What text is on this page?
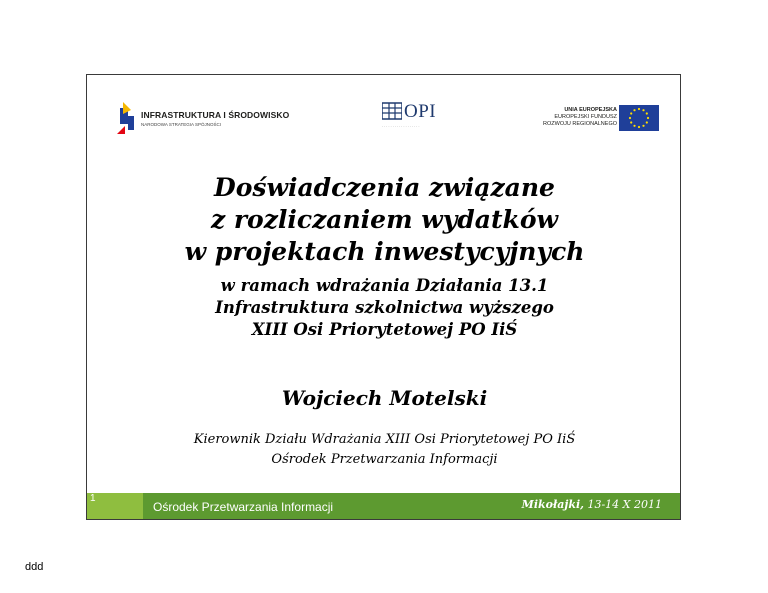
INFRASTRUKTURA I ŚRODOWISKO
NARODOWA STRATEGIA SPÓJNOŚCI
OPI
· · · · · · · · · · · · · · · · · ·
UNIA EUROPEJSKA
EUROPEJSKI FUNDUSZ
ROZWOJU REGIONALNEGO
Doświadczenia związane
z rozliczaniem wydatków
w projektach inwestycyjnych
w ramach wdrażania Działania 13.1
Infrastruktura szkolnictwa wyższego
XIII Osi Priorytetowej PO IiŚ
Wojciech Motelski
Kierownik Działu Wdrażania XIII Osi Priorytetowej PO IiŚ
Ośrodek Przetwarzania Informacji
1
Ośrodek Przetwarzania Informacji	Mikołajki, 13-14 X 2011
ddd
